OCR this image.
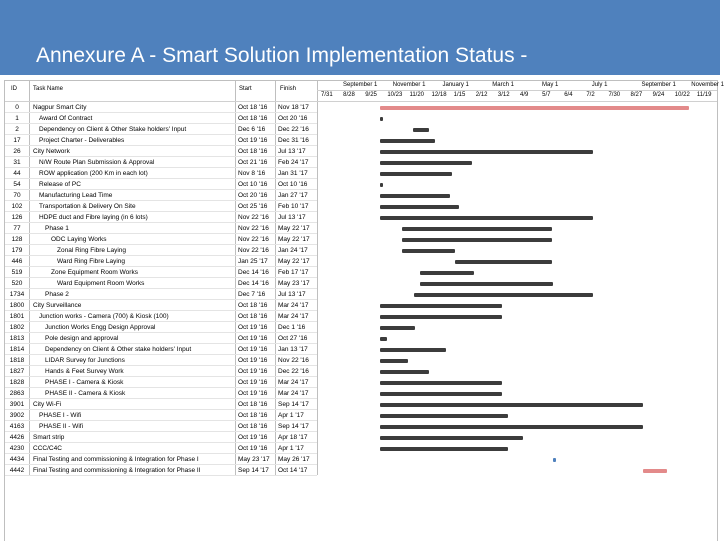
Annexure A - Smart Solution Implementation Status -
ID	Task Name	Start	Finish
September 1	November 1	January 1	March 1	May 1	July 1	September 1	November 1
7/31 8/28 9/25 10/23 11/20 12/18 1/15 2/12 3/12 4/9 5/7 6/4 7/2 7/30 8/27 9/24 10/22 11/19
0	Nagpur Smart City	Oct 18 '16	Nov 18 '17
1	Award Of Contract	Oct 18 '16	Oct 20 '16
2	Dependency on Client & Other Stake holders' Input	Dec 6 '16	Dec 22 '16
17	Project Charter - Deliverables	Oct 19 '16	Dec 31 '16
26	City Network	Oct 18 '16	Jul 13 '17
31	N/W Route Plan Submission & Approval	Oct 21 '16	Feb 24 '17
44	ROW application (200 Km in each lot)	Nov 8 '16	Jan 31 '17
54	Release of PC	Oct 10 '16	Oct 10 '16
70	Manufacturing Lead Time	Oct 20 '16	Jan 27 '17
102	Transportation & Delivery On Site	Oct 25 '16	Feb 10 '17
126	HDPE duct and Fibre laying (in 6 lots)	Nov 22 '16	Jul 13 '17
77	Phase 1	Nov 22 '16	May 22 '17
128	ODC Laying Works	Nov 22 '16	May 22 '17
179	Zonal Ring Fibre Laying	Nov 22 '16	Jan 24 '17
446	Ward Ring Fibre Laying	Jan 25 '17	May 22 '17
519	Zone Equipment Room Works	Dec 14 '16	Feb 17 '17
520	Ward Equipment Room Works	Dec 14 '16	May 23 '17
1734	Phase 2	Dec 7 '16	Jul 13 '17
1800	City Surveillance	Oct 18 '16	Mar 24 '17
1801	Junction works - Camera (700) & Kiosk (100)	Oct 18 '16	Mar 24 '17
1802	Junction Works Engg Design Approval	Oct 19 '16	Dec 1 '16
1813	Pole design and approval	Oct 19 '16	Oct 27 '16
1814	Dependency on Client & Other stake holders' Input	Oct 19 '16	Jan 13 '17
1818	LIDAR Survey for Junctions	Oct 19 '16	Nov 22 '16
1827	Hands & Feet Survey Work	Oct 19 '16	Dec 22 '16
1828	PHASE I - Camera & Kiosk	Oct 19 '16	Mar 24 '17
2863	PHASE II - Camera & Kiosk	Oct 19 '16	Mar 24 '17
3901	City Wi-Fi	Oct 18 '16	Sep 14 '17
3902	PHASE I - Wifi	Oct 18 '16	Apr 1 '17
4163	PHASE II - Wifi	Oct 18 '16	Sep 14 '17
4426	Smart strip	Oct 19 '16	Apr 18 '17
4230	CCC/C4C	Oct 19 '16	Apr 1 '17
4434	Final Testing and commissioning & Integration for Phase I	May 23 '17	May 26 '17
4442	Final Testing and commissioning & Integration for Phase II	Sep 14 '17	Oct 14 '17
